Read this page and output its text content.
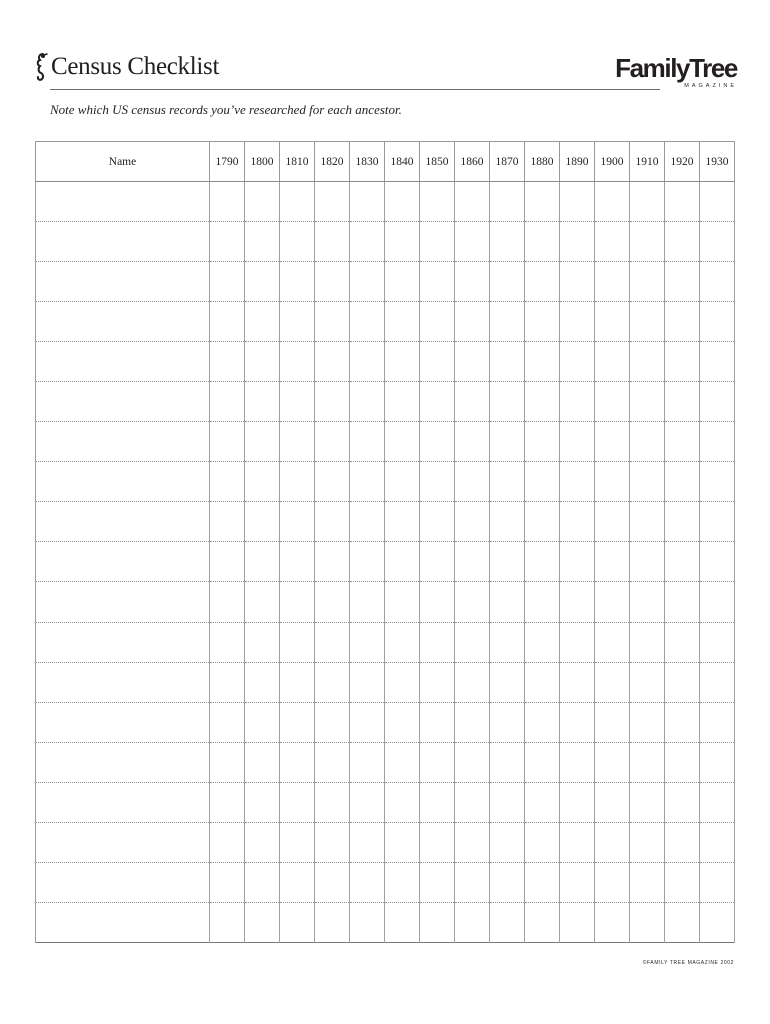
Census Checklist	FamilyTree
MAGAZINE
Note which US census records you’ve researched for each ancestor.
Name	1790	1800	1810	1820	1830	1840	1850	1860	1870	1880	1890	1900	1910	1920	1930

©FAMILY TREE MAGAZINE 2002
